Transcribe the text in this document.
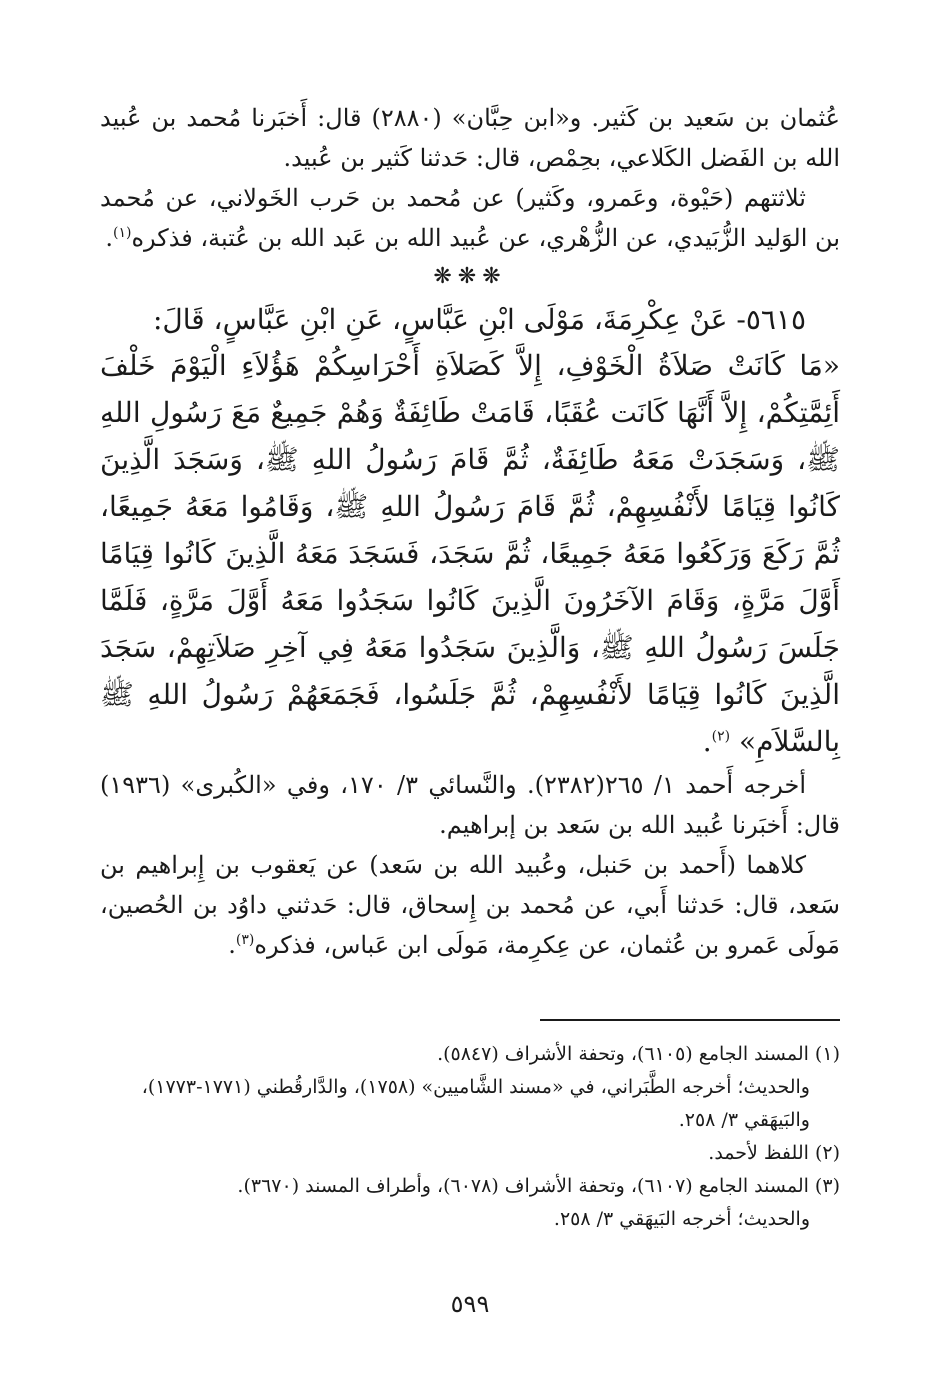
عُثمان بن سَعيد بن كَثير. و«ابن حِبَّان» (٢٨٨٠) قال: أَخبَرنا مُحمد بن عُبيد الله بن الفَضل الكَلاعي، بحِمْص، قال: حَدثنا كَثير بن عُبيد.

ثلاثتهم (حَيْوة، وعَمرو، وكَثير) عن مُحمد بن حَرب الخَولاني، عن مُحمد بن الوَليد الزُّبَيدي، عن الزُّهْري، عن عُبيد الله بن عَبد الله بن عُتبة، فذكره$^{(١)}$.

❋❋❋

٥٦١٥- عَنْ عِكْرِمَةَ، مَوْلَى ابْنِ عَبَّاسٍ، عَنِ ابْنِ عَبَّاسٍ، قَالَ:

«مَا كَانَتْ صَلاَةُ الْخَوْفِ، إِلاَّ كَصَلاَةِ أَحْرَاسِكُمْ هَؤُلاَءِ الْيَوْمَ خَلْفَ أَئِمَّتِكُمْ، إِلاَّ أَنَّهَا كَانَت عُقَبًا، قَامَتْ طَائِفَةٌ وَهُمْ جَمِيعٌ مَعَ رَسُولِ اللهِ ﷺ، وَسَجَدَتْ مَعَهُ طَائِفَةٌ، ثُمَّ قَامَ رَسُولُ اللهِ ﷺ، وَسَجَدَ الَّذِينَ كَانُوا قِيَامًا لأَنْفُسِهِمْ، ثُمَّ قَامَ رَسُولُ اللهِ ﷺ، وَقَامُوا مَعَهُ جَمِيعًا، ثُمَّ رَكَعَ وَرَكَعُوا مَعَهُ جَمِيعًا، ثُمَّ سَجَدَ، فَسَجَدَ مَعَهُ الَّذِينَ كَانُوا قِيَامًا أَوَّلَ مَرَّةٍ، وَقَامَ الآخَرُونَ الَّذِينَ كَانُوا سَجَدُوا مَعَهُ أَوَّلَ مَرَّةٍ، فَلَمَّا جَلَسَ رَسُولُ اللهِ ﷺ، وَالَّذِينَ سَجَدُوا مَعَهُ فِي آخِرِ صَلاَتِهِمْ، سَجَدَ الَّذِينَ كَانُوا قِيَامًا لأَنْفُسِهِمْ، ثُمَّ جَلَسُوا، فَجَمَعَهُمْ رَسُولُ اللهِ ﷺ بِالسَّلاَمِ» $^{(٢)}$.

أخرجه أَحمد ١/ ٢٦٥(٢٣٨٢). والنَّسائي ٣/ ١٧٠، وفي «الكُبرى» (١٩٣٦) قال: أَخبَرنا عُبيد الله بن سَعد بن إبراهيم.

كلاهما (أَحمد بن حَنبل، وعُبيد الله بن سَعد) عن يَعقوب بن إِبراهيم بن سَعد، قال: حَدثنا أَبي، عن مُحمد بن إِسحاق، قال: حَدثني داوُد بن الحُصين، مَولَى عَمرو بن عُثمان، عن عِكرِمة، مَولَى ابن عَباس، فذكره$^{(٣)}$.

(١) المسند الجامع (٦١٠٥)، وتحفة الأشراف (٥٨٤٧).

والحديث؛ أخرجه الطَّبَراني، في «مسند الشَّاميين» (١٧٥٨)، والدَّارقُطني (١٧٧١-١٧٧٣)، والبَيهَقي ٣/ ٢٥٨.

(٢) اللفظ لأحمد.

(٣) المسند الجامع (٦١٠٧)، وتحفة الأشراف (٦٠٧٨)، وأطراف المسند (٣٦٧٠).

والحديث؛ أخرجه البَيهَقي ٣/ ٢٥٨.

٥٩٩
